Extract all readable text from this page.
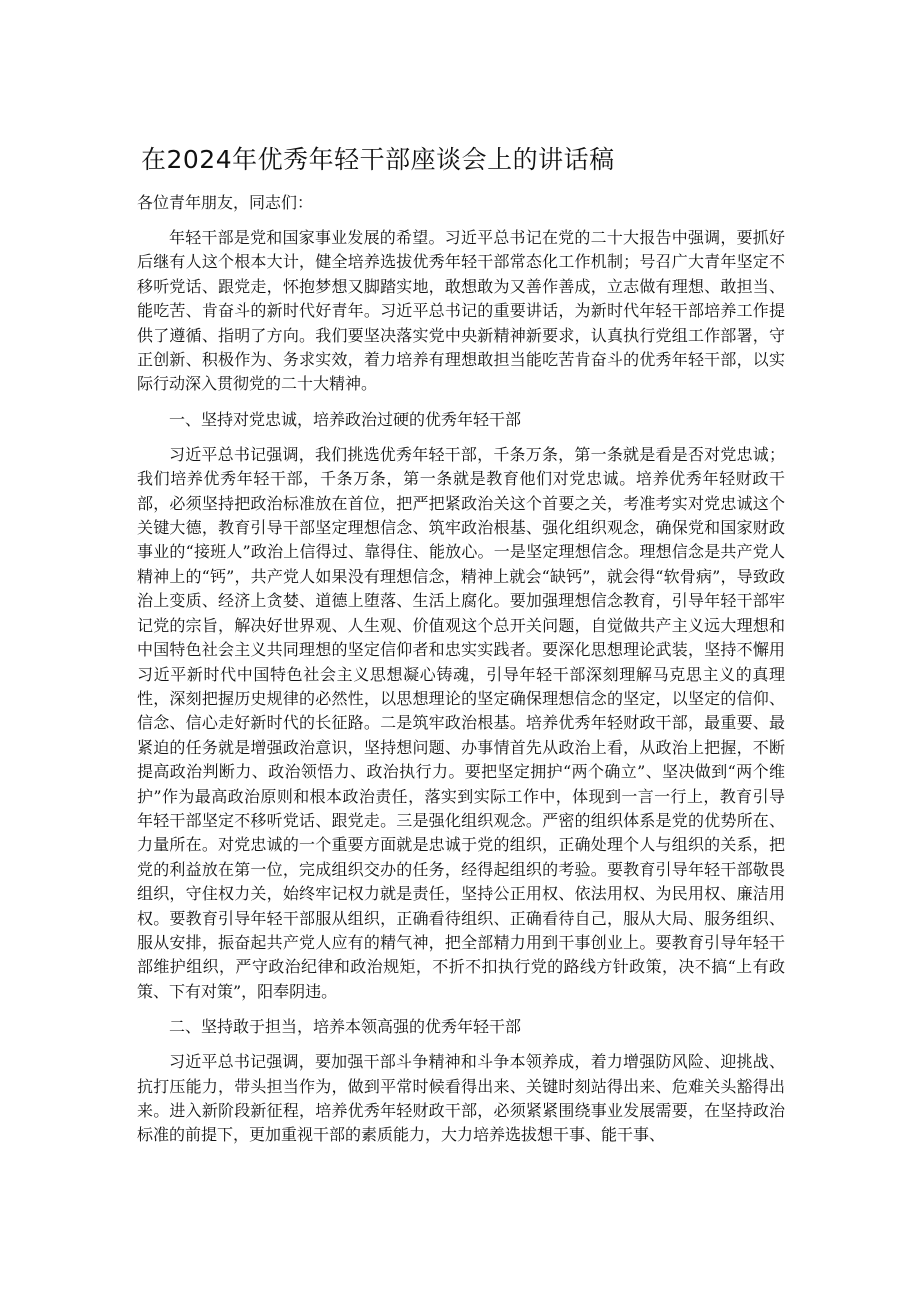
在2024年优秀年轻干部座谈会上的讲话稿

各位青年朋友，同志们：

年轻干部是党和国家事业发展的希望。习近平总书记在党的二十大报告中强调，要抓好后继有人这个根本大计，健全培养选拔优秀年轻干部常态化工作机制；号召广大青年坚定不移听党话、跟党走，怀抱梦想又脚踏实地，敢想敢为又善作善成，立志做有理想、敢担当、能吃苦、肯奋斗的新时代好青年。习近平总书记的重要讲话，为新时代年轻干部培养工作提供了遵循、指明了方向。我们要坚决落实党中央新精神新要求，认真执行党组工作部署，守正创新、积极作为、务求实效，着力培养有理想敢担当能吃苦肯奋斗的优秀年轻干部，以实际行动深入贯彻党的二十大精神。

一、坚持对党忠诚，培养政治过硬的优秀年轻干部

习近平总书记强调，我们挑选优秀年轻干部，千条万条，第一条就是看是否对党忠诚；我们培养优秀年轻干部，千条万条，第一条就是教育他们对党忠诚。培养优秀年轻财政干部，必须坚持把政治标准放在首位，把严把紧政治关这个首要之关，考准考实对党忠诚这个关键大德，教育引导干部坚定理想信念、筑牢政治根基、强化组织观念，确保党和国家财政事业的“接班人”政治上信得过、靠得住、能放心。一是坚定理想信念。理想信念是共产党人精神上的“钙”，共产党人如果没有理想信念，精神上就会“缺钙”，就会得“软骨病”，导致政治上变质、经济上贪婪、道德上堕落、生活上腐化。要加强理想信念教育，引导年轻干部牢记党的宗旨，解决好世界观、人生观、价值观这个总开关问题，自觉做共产主义远大理想和中国特色社会主义共同理想的坚定信仰者和忠实实践者。要深化思想理论武装，坚持不懈用习近平新时代中国特色社会主义思想凝心铸魂，引导年轻干部深刻理解马克思主义的真理性，深刻把握历史规律的必然性，以思想理论的坚定确保理想信念的坚定，以坚定的信仰、信念、信心走好新时代的长征路。二是筑牢政治根基。培养优秀年轻财政干部，最重要、最紧迫的任务就是增强政治意识，坚持想问题、办事情首先从政治上看，从政治上把握，不断提高政治判断力、政治领悟力、政治执行力。要把坚定拥护“两个确立”、坚决做到“两个维护”作为最高政治原则和根本政治责任，落实到实际工作中，体现到一言一行上，教育引导年轻干部坚定不移听党话、跟党走。三是强化组织观念。严密的组织体系是党的优势所在、力量所在。对党忠诚的一个重要方面就是忠诚于党的组织，正确处理个人与组织的关系，把党的利益放在第一位，完成组织交办的任务，经得起组织的考验。要教育引导年轻干部敬畏组织，守住权力关，始终牢记权力就是责任，坚持公正用权、依法用权、为民用权、廉洁用权。要教育引导年轻干部服从组织，正确看待组织、正确看待自己，服从大局、服务组织、服从安排，振奋起共产党人应有的精气神，把全部精力用到干事创业上。要教育引导年轻干部维护组织，严守政治纪律和政治规矩，不折不扣执行党的路线方针政策，决不搞“上有政策、下有对策”，阳奉阴违。

二、坚持敢于担当，培养本领高强的优秀年轻干部

习近平总书记强调，要加强干部斗争精神和斗争本领养成，着力增强防风险、迎挑战、抗打压能力，带头担当作为，做到平常时候看得出来、关键时刻站得出来、危难关头豁得出来。进入新阶段新征程，培养优秀年轻财政干部，必须紧紧围绕事业发展需要，在坚持政治标准的前提下，更加重视干部的素质能力，大力培养选拔想干事、能干事、
